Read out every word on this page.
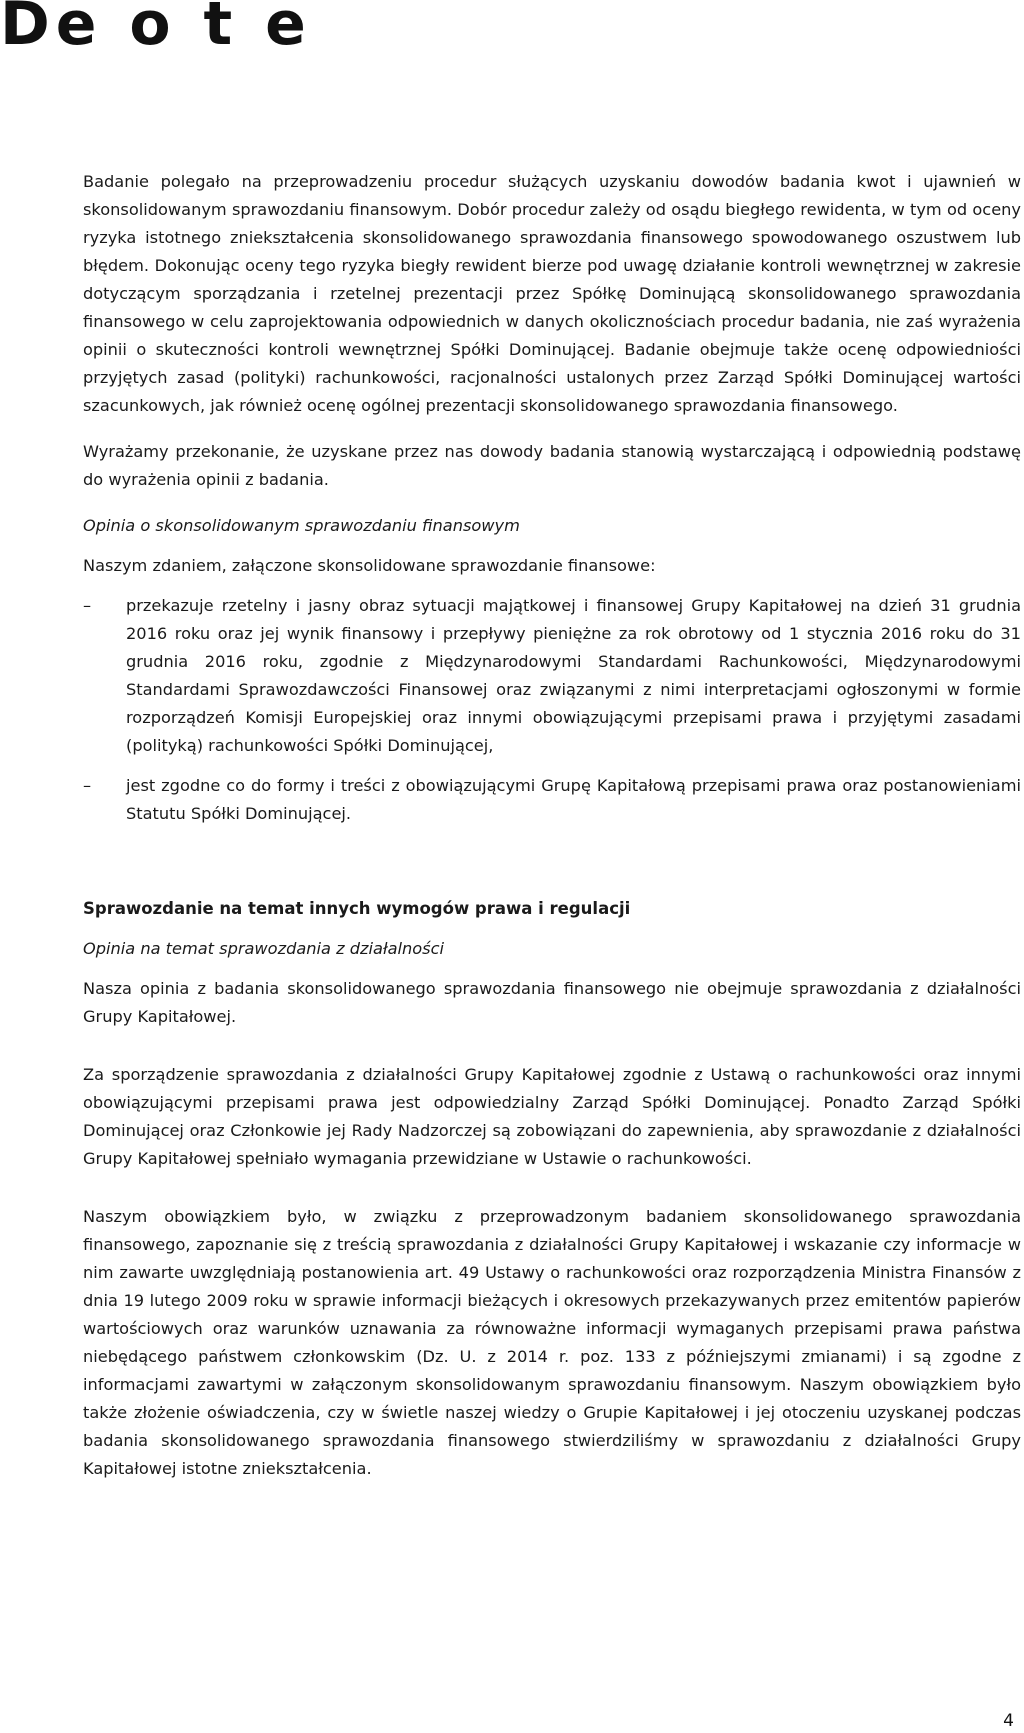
De o t e

Badanie polegało na przeprowadzeniu procedur służących uzyskaniu dowodów badania kwot i ujawnień w skonsolidowanym sprawozdaniu finansowym. Dobór procedur zależy od osądu biegłego rewidenta, w tym od oceny ryzyka istotnego zniekształcenia skonsolidowanego sprawozdania finansowego spowodowanego oszustwem lub błędem. Dokonując oceny tego ryzyka biegły rewident bierze pod uwagę działanie kontroli wewnętrznej w zakresie dotyczącym sporządzania i rzetelnej prezentacji przez Spółkę Dominującą skonsolidowanego sprawozdania finansowego w celu zaprojektowania odpowiednich w danych okolicznościach procedur badania, nie zaś wyrażenia opinii o skuteczności kontroli wewnętrznej Spółki Dominującej. Badanie obejmuje także ocenę odpowiedniości przyjętych zasad (polityki) rachunkowości, racjonalności ustalonych przez Zarząd Spółki Dominującej wartości szacunkowych, jak również ocenę ogólnej prezentacji skonsolidowanego sprawozdania finansowego.

Wyrażamy przekonanie, że uzyskane przez nas dowody badania stanowią wystarczającą i odpowiednią podstawę do wyrażenia opinii z badania.

Opinia o skonsolidowanym sprawozdaniu finansowym

Naszym zdaniem, załączone skonsolidowane sprawozdanie finansowe:

– przekazuje rzetelny i jasny obraz sytuacji majątkowej i finansowej Grupy Kapitałowej na dzień 31 grudnia 2016 roku oraz jej wynik finansowy i przepływy pieniężne za rok obrotowy od 1 stycznia 2016 roku do 31 grudnia 2016 roku, zgodnie z Międzynarodowymi Standardami Rachunkowości, Międzynarodowymi Standardami Sprawozdawczości Finansowej oraz związanymi z nimi interpretacjami ogłoszonymi w formie rozporządzeń Komisji Europejskiej oraz innymi obowiązującymi przepisami prawa i przyjętymi zasadami (polityką) rachunkowości Spółki Dominującej,
– jest zgodne co do formy i treści z obowiązującymi Grupę Kapitałową przepisami prawa oraz postanowieniami Statutu Spółki Dominującej.

Sprawozdanie na temat innych wymogów prawa i regulacji

Opinia na temat sprawozdania z działalności

Nasza opinia z badania skonsolidowanego sprawozdania finansowego nie obejmuje sprawozdania z działalności Grupy Kapitałowej.

Za sporządzenie sprawozdania z działalności Grupy Kapitałowej zgodnie z Ustawą o rachunkowości oraz innymi obowiązującymi przepisami prawa jest odpowiedzialny Zarząd Spółki Dominującej. Ponadto Zarząd Spółki Dominującej oraz Członkowie jej Rady Nadzorczej są zobowiązani do zapewnienia, aby sprawozdanie z działalności Grupy Kapitałowej spełniało wymagania przewidziane w Ustawie o rachunkowości.

Naszym obowiązkiem było, w związku z przeprowadzonym badaniem skonsolidowanego sprawozdania finansowego, zapoznanie się z treścią sprawozdania z działalności Grupy Kapitałowej i wskazanie czy informacje w nim zawarte uwzględniają postanowienia art. 49 Ustawy o rachunkowości oraz rozporządzenia Ministra Finansów z dnia 19 lutego 2009 roku w sprawie informacji bieżących i okresowych przekazywanych przez emitentów papierów wartościowych oraz warunków uznawania za równoważne informacji wymaganych przepisami prawa państwa niebędącego państwem członkowskim (Dz. U. z 2014 r. poz. 133 z późniejszymi zmianami) i są zgodne z informacjami zawartymi w załączonym skonsolidowanym sprawozdaniu finansowym. Naszym obowiązkiem było także złożenie oświadczenia, czy w świetle naszej wiedzy o Grupie Kapitałowej i jej otoczeniu uzyskanej podczas badania skonsolidowanego sprawozdania finansowego stwierdziliśmy w sprawozdaniu z działalności Grupy Kapitałowej istotne zniekształcenia.

4
